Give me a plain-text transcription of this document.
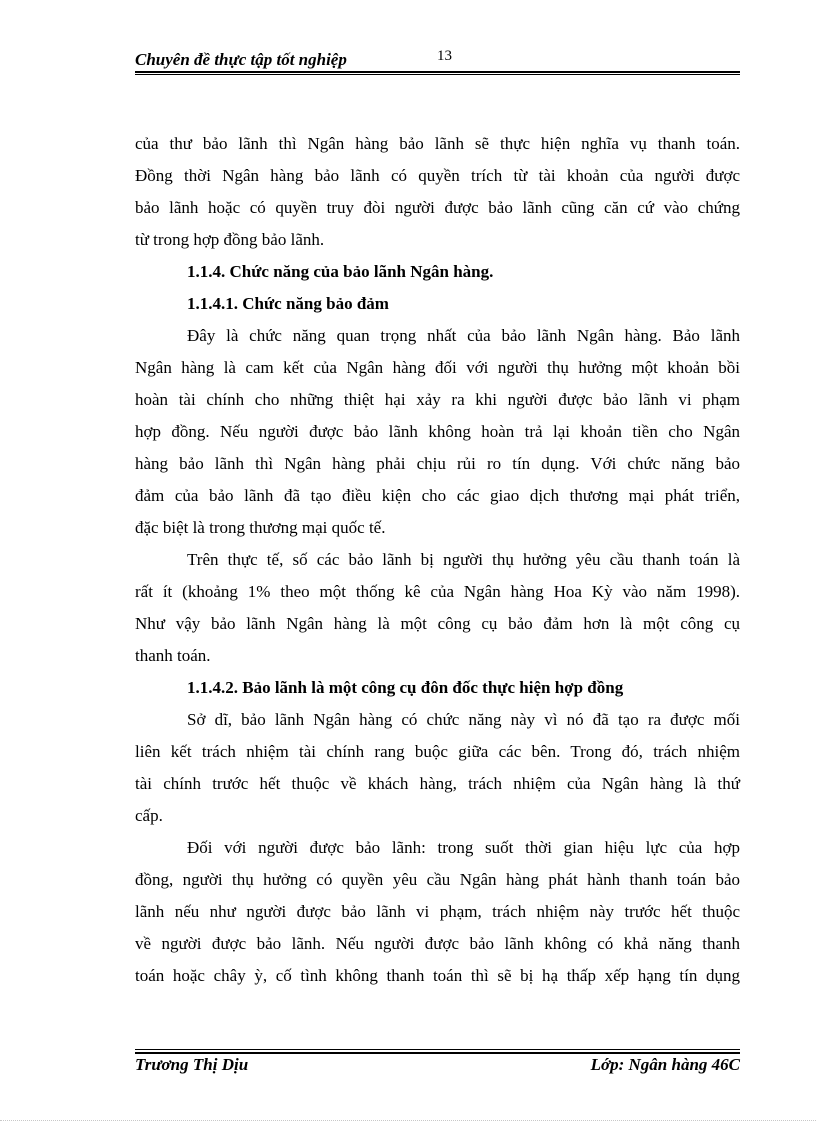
Chuyên đề thực tập tốt nghiệp	13
của thư bảo lãnh thì Ngân hàng bảo lãnh sẽ thực hiện nghĩa vụ thanh toán.
Đồng thời Ngân hàng bảo lãnh có quyền trích từ tài khoản của người được
bảo lãnh hoặc có quyền truy đòi người được bảo lãnh cũng căn cứ vào chứng
từ trong hợp đồng bảo lãnh.
1.1.4. Chức năng của bảo lãnh Ngân hàng.
1.1.4.1. Chức năng bảo đảm
Đây là chức năng quan trọng nhất của bảo lãnh Ngân hàng. Bảo lãnh
Ngân hàng là cam kết của Ngân hàng đối với người thụ hưởng một khoản bồi
hoàn tài chính cho những thiệt hại xảy ra khi người được bảo lãnh vi phạm
hợp đồng. Nếu người được bảo lãnh không hoàn trả lại khoản tiền cho Ngân
hàng bảo lãnh thì Ngân hàng phải chịu rủi ro tín dụng. Với chức năng bảo
đảm của bảo lãnh đã tạo điều kiện cho các giao dịch thương mại phát triển,
đặc biệt là trong thương mại quốc tế.
Trên thực tế, số các bảo lãnh bị người thụ hưởng yêu cầu thanh toán là
rất ít (khoảng 1% theo một thống kê của Ngân hàng Hoa Kỳ vào năm 1998).
Như vậy bảo lãnh Ngân hàng là một công cụ bảo đảm hơn là một công cụ
thanh toán.
1.1.4.2. Bảo lãnh là một công cụ đôn đốc thực hiện hợp đồng
Sở dĩ, bảo lãnh Ngân hàng có chức năng này vì nó đã tạo ra được mối
liên kết trách nhiệm tài chính rang buộc giữa các bên. Trong đó, trách nhiệm
tài chính trước hết thuộc về khách hàng, trách nhiệm của Ngân hàng là thứ
cấp.
Đối với người được bảo lãnh: trong suốt thời gian hiệu lực của hợp
đồng, người thụ hưởng có quyền yêu cầu Ngân hàng phát hành thanh toán bảo
lãnh nếu như người được bảo lãnh vi phạm, trách nhiệm này trước hết thuộc
về người được bảo lãnh. Nếu người được bảo lãnh không có khả năng thanh
toán hoặc chây ỳ, cố tình không thanh toán thì sẽ bị hạ thấp xếp hạng tín dụng
Trương Thị Dịu	Lớp: Ngân hàng 46C
